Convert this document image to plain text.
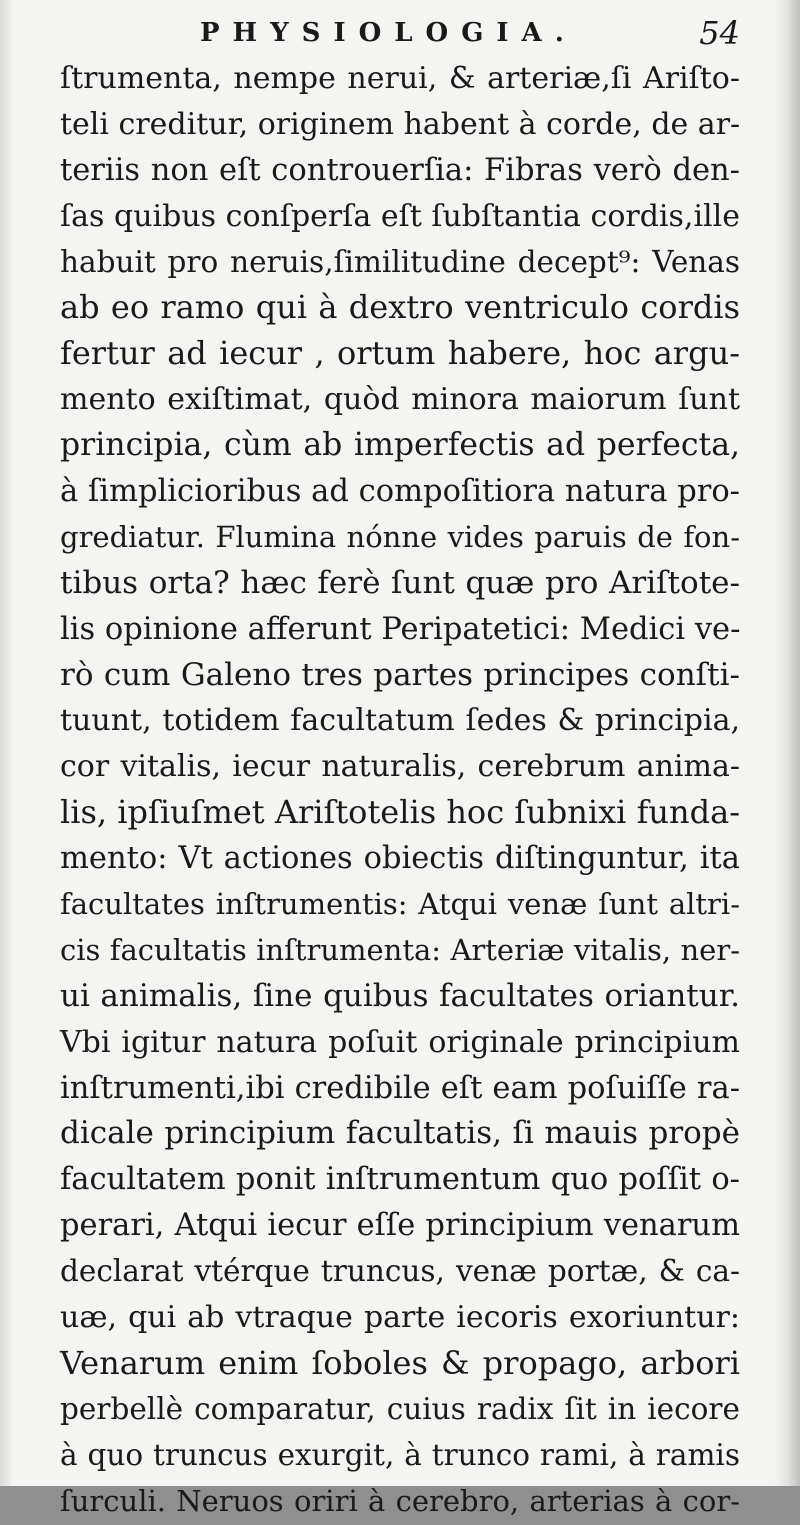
PHYSIOLOGIA.	54
ſtrumenta, nempe nerui, & arteriæ,ſi Ariſto-
teli creditur, originem habent à corde, de ar-
teriis non eſt controuerſia: Fibras verò den-
ſas quibus conſperſa eſt ſubſtantia cordis,ille
habuit pro neruis,ſimilitudine decept⁹: Venas
ab eo ramo qui à dextro ventriculo cordis
fertur ad iecur , ortum habere, hoc argu-
mento exiſtimat, quòd minora maiorum ſunt
principia, cùm ab imperfectis ad perfecta,
à ſimplicioribus ad compoſitiora natura pro-
grediatur. Flumina nónne vides paruis de fon-
tibus orta? hæc ferè ſunt quæ pro Ariſtote-
lis opinione afferunt Peripatetici: Medici ve-
rò cum Galeno tres partes principes conſti-
tuunt, totidem facultatum ſedes & principia,
cor vitalis, iecur naturalis, cerebrum anima-
lis, ipſiuſmet Ariſtotelis hoc ſubnixi funda-
mento: Vt actiones obiectis diſtinguntur, ita
facultates inſtrumentis: Atqui venæ ſunt altri-
cis facultatis inſtrumenta: Arteriæ vitalis, ner-
ui animalis, ſine quibus facultates oriantur.
Vbi igitur natura poſuit originale principium
inſtrumenti,ibi credibile eſt eam poſuiſſe ra-
dicale principium facultatis, ſi mauis propè
facultatem ponit inſtrumentum quo poſſit o-
perari, Atqui iecur eſſe principium venarum
declarat vtérque truncus, venæ portæ, & ca-
uæ, qui ab vtraque parte iecoris exoriuntur:
Venarum enim ſoboles & propago, arbori
perbellè comparatur, cuius radix ſit in iecore
à quo truncus exurgit, à trunco rami, à ramis
ſurculi. Neruos oriri à cerebro, arterias à cor-
